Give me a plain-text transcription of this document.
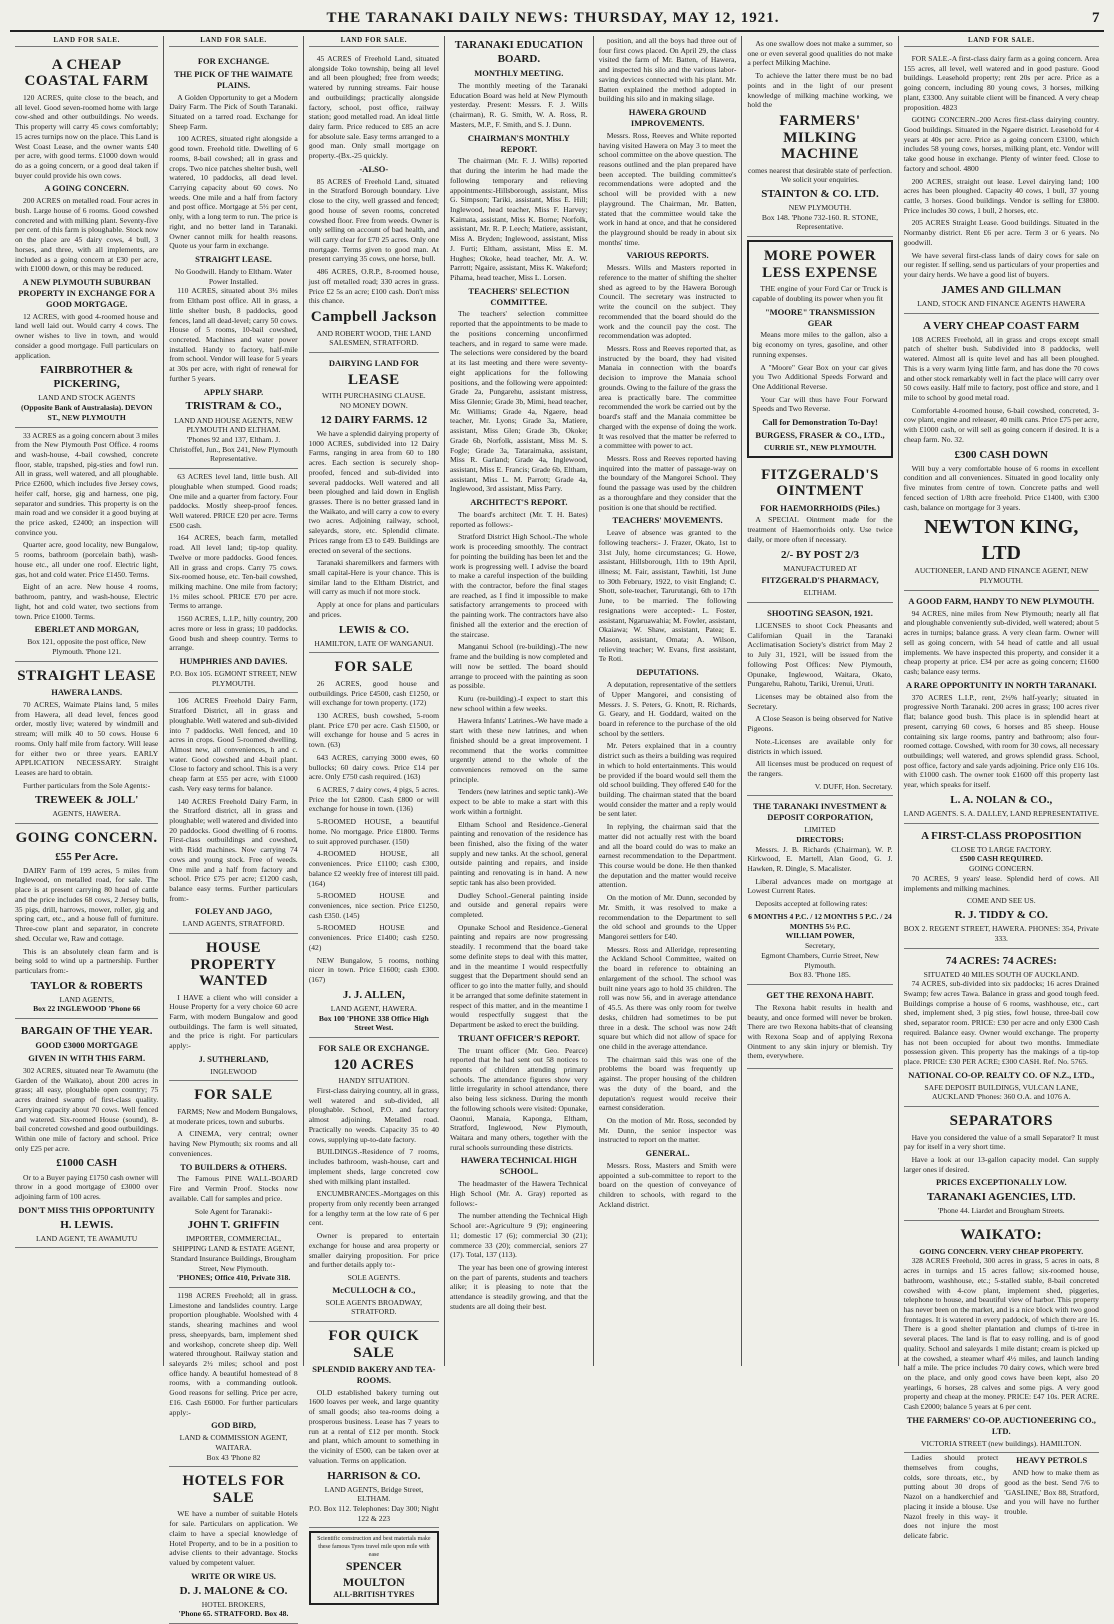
THE TARANAKI DAILY NEWS: THURSDAY, MAY 12, 1921.	7
LAND FOR SALE.
A CHEAP COASTAL FARM

120 ACRES, quite close to the beach, and all level. Good seven-roomed home with large cow-shed and other outbuildings. No weeds. This property will carry 45 cows comfortably; 15 acres turnips now on the place. This Land is West Coast Lease, and the owner wants £40 per acre, with good terms. £1000 down would do as a going concern, or a good deal taken if buyer could provide his own cows.

A GOING CONCERN.

200 ACRES on metalled road. Four acres in bush. Large house of 6 rooms. Good cowshed concreted and with milking plant. Seventy-five per cent. of this farm is ploughable. Stock now on the place are 45 dairy cows, 4 bull, 3 horses, and three, with all implements, are included as a going concern at £30 per acre, with £1000 down, or this may be reduced.

A NEW PLYMOUTH SUBURBAN PROPERTY IN EXCHANGE FOR A GOOD MORTGAGE.

12 ACRES, with good 4-roomed house and land well laid out. Would carry 4 cows. The owner wishes to live in town, and would consider a good mortgage. Full particulars on application.

FAIRBROTHER & PICKERING,
LAND AND STOCK AGENTS
(Opposite Bank of Australasia). DEVON ST., NEW PLYMOUTH

33 ACRES as a going concern about 3 miles from the New Plymouth Post Office. 4 rooms and wash-house, 4-bail cowshed, concrete floor, stable, trapshed, pig-sties and fowl run. All in grass, well watered, and all ploughable. Price £2600, which includes five Jersey cows, heifer calf, horse, gig and harness, one pig, separator and sundries. This property is on the main road and we consider it a good buying at the price asked, £2400; an inspection will convince you.

Quarter acre, good locality, new Bungalow, 5 rooms, bathroom (porcelain bath), wash-house etc., all under one roof. Electric light, gas, hot and cold water. Price £1450. Terms.

Eight of an acre. New house 4 rooms, bathroom, pantry, and wash-house, Electric light, hot and cold water, two sections from town. Price £1000. Terms.

EBERLET AND MORGAN,
Box 121, opposite the post office, New Plymouth. 'Phone 121.
STRAIGHT LEASE
HAWERA LANDS.

70 ACRES, Waimate Plains land, 5 miles from Hawera, all dead level, fences good order, mostly live; watered by windmill and stream; will milk 40 to 50 cows. House 6 rooms. Only half mile from factory. Will lease for either two or three years. EARLY APPLICATION NECESSARY. Straight Leases are hard to obtain.

Further particulars from the Sole Agents:-

TREWEEK & JOLL'
AGENTS, HAWERA.
GOING CONCERN.
£55 Per Acre.

DAIRY Farm of 199 acres, 5 miles from Inglewood, on metalled road, for sale. The place is at present carrying 80 head of cattle and the price includes 68 cows, 2 Jersey bulls, 35 pigs, drill, harrows, mower, roller, gig and spring cart, etc., and a house full of furniture. Three-cow plant and separator, in concrete shed. Occular we, Raw and cottage.

This is an absolutely clean farm and is being sold to wind up a partnership. Further particulars from:-

TAYLOR & ROBERTS
LAND AGENTS,
Box 22 INGLEWOOD 'Phone 66
BARGAIN OF THE YEAR.
GOOD £3000 MORTGAGE
GIVEN IN WITH THIS FARM.

302 ACRES, situated near Te Awamutu (the Garden of the Waikato), about 200 acres in grass; all easy, ploughable open country; 75 acres drained swamp of first-class quality. Carrying capacity about 70 cows. Well fenced and watered. Six-roomed House (sound), 8-bail concreted cowshed and good outbuildings. Within one mile of factory and school. Price only £25 per acre.

£1000 CASH

Or to a Buyer paying £1750 cash owner will throw in a good mortgage of £3000 over adjoining farm of 100 acres.

DON'T MISS THIS OPPORTUNITY
H. LEWIS.
LAND AGENT, TE AWAMUTU
LAND FOR SALE.
FOR EXCHANGE.
THE PICK OF THE WAIMATE PLAINS.

A Golden Opportunity to get a Modern Dairy Farm. The Pick of South Taranaki. Situated on a tarred road. Exchange for Sheep Farm.

100 ACRES, situated right alongside a good town. Freehold title. Dwelling of 6 rooms, 8-bail cowshed; all in grass and crops. Two nice patches shelter bush, well watered, 10 paddocks, all dead level. Carrying capacity about 60 cows. No weeds. One mile and a half from factory and post office. Mortgage at 5½ per cent, only, with a long term to run. The price is right, and no better land in Taranaki. Owner cannot milk for health reasons. Quote us your farm in exchange.

STRAIGHT LEASE.
No Goodwill. Handy to Eltham. Water Power Installed.

110 ACRES, situated about 3½ miles from Eltham post office. All in grass, a little shelter bush, 8 paddocks, good fences, land all dead-level; carry 50 cows. House of 5 rooms, 10-bail cowshed, concreted. Machines and water power installed. Handy to factory, half-mile from school. Vendor will lease for 5 years at 30s per acre, with right of renewal for further 5 years.

APPLY SHARP.
TRISTRAM & CO.,
LAND AND HOUSE AGENTS, NEW PLYMOUTH AND ELTHAM.
'Phones 92 and 137, Eltham. J. Christoffel, Jun., Box 241, New Plymouth Representative.

63 ACRES level land, little bush. All ploughable when stumped. Good roads; One mile and a quarter from factory. Four paddocks. Mostly sheep-proof fences. Well watered. PRICE £20 per acre. Terms £500 cash.

164 ACRES, beach farm, metalled road. All level land; tip-top quality. Twelve or more paddocks. Good fences. All in grass and crops. Carry 75 cows. Six-roomed house, etc. Ten-bail cowshed, milking machine. One mile from factory; 1½ miles school. PRICE £70 per acre. Terms to arrange.

1560 ACRES, L.I.P., hilly country, 200 acres more or less in grass; 10 paddocks. Good bush and sheep country. Terms to arrange.

HUMPHRIES AND DAVIES.
P.O. Box 105. EGMONT STREET, NEW PLYMOUTH.

106 ACRES Freehold Dairy Farm, Stratford District, all in grass and ploughable. Well watered and sub-divided into 7 paddocks. Well fenced, and 10 acres in crops. Good 5-roomed dwelling. Almost new, all conveniences, h and c. water. Good cowshed and 4-bail plant. Close to factory and school. This is a very cheap farm at £55 per acre, with £1000 cash. Very easy terms for balance.

140 ACRES Freehold Dairy Farm, in the Stratford district, all in grass and ploughable; well watered and divided into 20 paddocks. Good dwelling of 6 rooms. First-class outbuildings and cowshed, with Ridd machines. Now carrying 74 cows and young stock. Free of weeds. One mile and a half from factory and school. Price £75 per acre; £1200 cash, balance easy terms. Further particulars from:-

FOLEY AND JAGO,
LAND AGENTS, STRATFORD.
HOUSE PROPERTY WANTED

I HAVE a client who will consider a House Property for a very choice 60 acre Farm, with modern Bungalow and good outbuildings. The farm is well situated, and the price is right. For particulars apply:-

J. SUTHERLAND,
INGLEWOOD
FOR SALE

FARMS; New and Modern Bungalows, at moderate prices, town and suburbs.

A CINEMA, very central; owner having New Plymouth; six rooms and all conveniences.

TO BUILDERS & OTHERS.

The Famous PINE WALL-BOARD Fire and Vermin Proof. Stocks now available. Call for samples and price.

Sole Agent for Taranaki:-
JOHN T. GRIFFIN
IMPORTER, COMMERCIAL, SHIPPING LAND & ESTATE AGENT, Standard Insurance Buildings, Brougham Street, New Plymouth.
'PHONES; Office 410, Private 318.

1198 ACRES Freehold; all in grass. Limestone and landslides country. Large proportion ploughable. Woolshed with 4 stands, shearing machines and wool press, sheepyards, barn, implement shed and workshop, concrete sheep dip. Well watered throughout. Railway station and saleyards 2½ miles; school and post office handy. A beautiful homestead of 8 rooms, with a commanding outlook. Good reasons for selling. Price per acre, £16. Cash £6000. For further particulars apply:-

GOD BIRD,
LAND & COMMISSION AGENT, WAITARA.
Box 43 'Phone 82
HOTELS FOR SALE

WE have a number of suitable Hotels for sale. Particulars on application. We claim to have a special knowledge of Hotel Property, and to be in a position to advise clients to their advantage. Stocks valued by competent valuer.

WRITE OR WIRE US.
D. J. MALONE & CO.
HOTEL BROKERS,
'Phone 65. STRATFORD. Box 48.
LAND FOR SALE.

45 ACRES of Freehold Land, situated alongside Toko township, being all level and all been ploughed; free from weeds; watered by running streams. Fair house and outbuildings; practically alongside factory, school, post office, railway station; good metalled road. An ideal little dairy farm. Price reduced to £85 an acre for absolute sale. Easy terms arranged to a good man. Only small mortgage on property.-(Bx.-25 quickly.

-ALSO-

85 ACRES of Freehold Land, situated in the Stratford Borough boundary. Live close to the city, well grassed and fenced; good house of seven rooms, concreted cowshed floor. Free from weeds. Owner is only selling on account of bad health, and will carry clear for £70 25 acres. Only one mortgage. Terms given to good man. At present carrying 35 cows, one horse, bull.

486 ACRES, O.R.P., 8-roomed house, just off metalled road; 330 acres in grass. Price £2 5s an acre; £100 cash. Don't miss this chance.

Campbell Jackson
AND ROBERT WOOD, THE LAND SALESMEN, STRATFORD.
DAIRYING LAND FOR
LEASE
WITH PURCHASING CLAUSE.
NO MONEY DOWN.
12 DAIRY FARMS. 12

We have a splendid dairying property of 1000 ACRES, subdivided into 12 Dairy Farms, ranging in area from 60 to 180 acres. Each section is securely shop-proofed, fenced and sub-divided into several paddocks. Well watered and all been ploughed and laid down in English grasses. There is no better grassed land in the Waikato, and will carry a cow to every two acres. Adjoining railway, school, saleyards, store, etc. Splendid climate. Prices range from £3 to £49. Buildings are erected on several of the sections.

Taranaki sharemilkers and farmers with small capital-Here is your chance. This is similar land to the Eltham District, and will carry as much if not more stock.

Apply at once for plans and particulars and prices.

LEWIS & CO.
HAMILTON, LATE OF WANGANUI.
FOR SALE

26 ACRES, good house and outbuildings. Price £4500, cash £1250, or will exchange for town property. (172)

130 ACRES, bush cowshed, 5-room plant. Price £70 per acre. Cash £1500, or will exchange for house and 5 acres in town. (63)

643 ACRES, carrying 3000 ewes, 60 bullocks; 60 dairy cows. Price £14 per acre. Only £750 cash required. (163)

6 ACRES, 7 dairy cows, 4 pigs, 5 acres. Price the lot £2800. Cash £800 or will exchange for house in town. (136)

5-ROOMED HOUSE, a beautiful home. No mortgage. Price £1800. Terms to suit approved purchaser. (150)

4-ROOMED HOUSE, all conveniences. Price £1100; cash £300, balance £2 weekly free of interest till paid. (164)

5-ROOMED HOUSE and conveniences, nice section. Price £1250, cash £350. (145)

5-ROOMED HOUSE and conveniences. Price £1400; cash £250. (42)

NEW Bungalow, 5 rooms, nothing nicer in town. Price £1600; cash £300. (167)

J. J. ALLEN,
LAND AGENT, HAWERA.
Box 100 'PHONE 338 Office High Street West.
FOR SALE OR EXCHANGE.
120 ACRES
HANDY SITUATION.

First-class dairying country, all in grass, well watered and sub-divided, all ploughable. School, P.O. and factory almost adjoining. Metalled road. Practically no weeds. Capacity 35 to 40 cows, supplying up-to-date factory.

BUILDINGS.-Residence of 7 rooms, includes bathroom, wash-house, cart and implement sheds, large concreted cow shed with milking plant installed.

ENCUMBRANCES.-Mortgages on this property from only recently been arranged for a lengthy term at the low rate of 6 per cent.

Owner is prepared to entertain exchange for house and area property or smaller dairying proposition. For price and further details apply to:-

SOLE AGENTS.
McCULLOCH & CO.,
SOLE AGENTS BROADWAY, STRATFORD.
FOR QUICK SALE
SPLENDID BAKERY AND TEA-ROOMS.

OLD established bakery turning out 1600 loaves per week, and large quantity of small goods; also tea-rooms doing a prosperous business. Lease has 7 years to run at a rental of £12 per month. Stock and plant, which amount to something in the vicinity of £500, can be taken over at valuation. Terms on application.

HARRISON & CO.
LAND AGENTS, Bridge Street, ELTHAM.
P.O. Box 112. Telephones: Day 300; Night 122 & 223
Scientific construction and best materials make these famous Tyres travel mile upon mile with ease
SPENCER MOULTON
ALL-BRITISH TYRES
TARANAKI EDUCATION BOARD.
MONTHLY MEETING.

The monthly meeting of the Taranaki Education Board was held at New Plymouth yesterday. Present: Messrs. F. J. Wills (chairman), R. G. Smith, W. A. Ross, R. Masters, M.P., F. Smith, and S. J. Dunn.

CHAIRMAN'S MONTHLY REPORT.

The chairman (Mr. F. J. Wills) reported that during the interim he had made the following temporary and relieving appointments:-Hillsborough, assistant, Miss G. Simpson; Tariki, assistant, Miss E. Hill; Inglewood, head teacher, Miss F. Harvey; Kaimata, assistant, Miss K. Borne; Norfolk, assistant, Mr. R. P. Leech; Matiere, assistant, Miss A. Bryden; Inglewood, assistant, Miss J. Furti; Eltham, assistant, Miss E. M. Hughes; Okoke, head teacher, Mr. A. W. Parrott; Ngaire, assistant, Miss K. Wakeford; Pihama, head teacher, Miss L. Lorsen.

TEACHERS' SELECTION COMMITTEE.

The teachers' selection committee reported that the appointments to be made to the positions concerning unconfirmed teachers, and in regard to same were made. The selections were considered by the board at its last meeting and there were seventy-eight applications for the following positions, and the following were appointed: Grade 2a, Pungarehu, assistant mistress, Miss Glennie; Grade 3b, Mimi, head teacher, Mr. Williams; Grade 4a, Ngaere, head teacher, Mr. Lyons; Grade 3a, Matiere, assistant, Miss Glen; Grade 3b, Okoke; Grade 6b, Norfolk, assistant, Miss M. S. Fogle; Grade 3a, Tataraimaka, assistant, Miss R. Garland; Grade 4a, Inglewood, assistant, Miss E. Francis; Grade 6b, Eltham, assistant, Miss L. M. Parrott; Grade 4a, Inglewood, 3rd assistant, Miss Parry.

ARCHITECT'S REPORT.

The board's architect (Mr. T. H. Bates) reported as follows:-

Stratford District High School.-The whole work is proceeding smoothly. The contract for pointing the building has been let and the work is progressing well. I advise the board to make a careful inspection of the building with the contractor, before the final stages are reached, as I find it impossible to make satisfactory arrangements to proceed with the painting work. The contractors have also finished all the exterior and the erection of the staircase.

Manganui School (re-building).-The new frame and the building is now completed and will now be settled. The board should arrange to proceed with the painting as soon as possible.

Kuru (re-building).-I expect to start this new school within a few weeks.

Hawera Infants' Latrines.-We have made a start with these new latrines, and when finished should be a great improvement. I recommend that the works committee urgently attend to the whole of the conveniences removed on the same principle.

Tenders (new latrines and septic tank).-We expect to be able to make a start with this work within a fortnight.

Eltham School and Residence.-General painting and renovation of the residence has been finished, also the fixing of the water supply and new tanks. At the school, general outside painting and repairs, and inside painting and renovating is in hand. A new septic tank has also been provided.

Dudley School.-General painting inside and outside and general repairs were completed.

Opunake School and Residence.-General painting and repairs are now progressing steadily. I recommend that the board take some definite steps to deal with this matter, and in the meantime I would respectfully suggest that the Department should send an officer to go into the matter fully, and should it be arranged that some definite statement in respect of this matter, and in the meantime I would respectfully suggest that the Department be asked to erect the building.

TRUANT OFFICER'S REPORT.

The truant officer (Mr. Geo. Pearce) reported that he had sent out 58 notices to parents of children attending primary schools. The attendance figures show very little irregularity in school attendance, there also being less sickness. During the month the following schools were visited: Opunake, Oaonui, Manaia, Kaponga, Eltham, Stratford, Inglewood, New Plymouth, Waitara and many others, together with the rural schools surrounding these districts.

HAWERA TECHNICAL HIGH SCHOOL.

The headmaster of the Hawera Technical High School (Mr. A. Gray) reported as follows:-

The number attending the Technical High School are:-Agriculture 9 (9); engineering 11; domestic 17 (6); commercial 30 (21); commerce 33 (20); commercial, seniors 27 (17). Total, 137 (113).

The year has been one of growing interest on the part of parents, students and teachers alike; it is pleasing to note that the attendance is steadily growing, and that the students are all doing their best.

position, and all the boys had three out of four first cows placed. On April 29, the class visited the farm of Mr. Batten, of Hawera, and inspected his silo and the various labor-saving devices connected with his plant. Mr. Batten explained the method adopted in building his silo and in making silage.

HAWERA GROUND IMPROVEMENTS.

Messrs. Ross, Reeves and White reported having visited Hawera on May 3 to meet the school committee on the above question. The reasons outlined and the plan prepared have been accepted. The building committee's recommendations were adopted and the school will be provided with a new playground. The Chairman, Mr. Batten, stated that the committee would take the work in hand at once, and that he considered the playground should be ready in about six months' time.

VARIOUS REPORTS.

Messrs. Wills and Masters reported in reference to the matter of shifting the shelter shed as agreed to by the Hawera Borough Council. The secretary was instructed to write the council on the subject. They recommended that the board should do the work and the council pay the cost. The recommendation was adopted.

Messrs. Ross and Reeves reported that, as instructed by the board, they had visited Manaia in connection with the board's decision to improve the Manaia school grounds. Owing to the failure of the grass the area is practically bare. The committee recommended the work be carried out by the board's staff and the Manaia committee be charged with the expense of doing the work. It was resolved that the matter be referred to a committee with power to act.

Messrs. Ross and Reeves reported having inquired into the matter of passage-way on the boundary of the Mangorei School. They found the passage was used by the children as a thoroughfare and they consider that the position is one that should be rectified.

TEACHERS' MOVEMENTS.

Leave of absence was granted to the following teachers:- J. Frazer, Okato, 1st to 31st July, home circumstances; G. Howe, assistant, Hillsborough, 11th to 19th April, illness; M. Fair, assistant, Tawhiti, 1st June to 30th February, 1922, to visit England; C. Shott, sole-teacher, Tarurutangi, 6th to 17th June, to be married. The following resignations were accepted:- L. Foster, assistant, Ngaruawahia; M. Fowler, assistant, Okaiawa; W. Shaw, assistant, Patea; E. Mason, assistant, Omata; A. Wilson, relieving teacher; W. Evans, first assistant, Te Roti.

DEPUTATIONS.

A deputation, representative of the settlers of Upper Mangorei, and consisting of Messrs. J. S. Peters, G. Knott, R. Richards, G. Geary, and H. Goddard, waited on the board in reference to the purchase of the old school by the settlers.

Mr. Peters explained that in a country district such as theirs a building was required in which to hold entertainments. This would be provided if the board would sell them the old school building. They offered £40 for the building. The chairman stated that the board would consider the matter and a reply would be sent later.

In replying, the chairman said that the matter did not actually rest with the board and all the board could do was to make an earnest recommendation to the Department. This course would be done. He then thanked the deputation and the matter would receive attention.

On the motion of Mr. Dunn, seconded by Mr. Smith, it was resolved to make a recommendation to the Department to sell the old school and grounds to the Upper Mangorei settlers for £40.

Messrs. Ross and Alleridge, representing the Ackland School Committee, waited on the board in reference to obtaining an enlargement of the school. The school was built nine years ago to hold 35 children. The roll was now 56, and in average attendance of 45.5. As there was only room for twelve desks, children had sometimes to be put three in a desk. The school was now 24ft square but which did not allow of space for one child in the average attendance.

The chairman said this was one of the problems the board was frequently up against. The proper housing of the children was the duty of the board, and the deputation's request would receive their earnest consideration.

On the motion of Mr. Ross, seconded by Mr. Dunn, the senior inspector was instructed to report on the matter.

GENERAL.

Messrs. Ross, Masters and Smith were appointed a sub-committee to report to the board on the question of conveyance of children to schools, with regard to the Ackland district.

As one swallow does not make a summer, so one or even several good qualities do not make a perfect Milking Machine.

To achieve the latter there must be no bad points and in the light of our present knowledge of milking machine working, we hold the

FARMERS' MILKING MACHINE
comes nearest that desirable state of perfection.
We solicit your enquiries.
STAINTON & CO. LTD.
NEW PLYMOUTH.
Box 148. 'Phone 732-160. R. STONE, Representative.
MORE POWER LESS EXPENSE

THE engine of your Ford Car or Truck is capable of doubling its power when you fit

"MOORE" TRANSMISSION GEAR

Means more miles to the gallon, also a big economy on tyres, gasoline, and other running expenses.

A "Moore" Gear Box on your car gives you Two Additional Speeds Forward and One Additional Reverse.

Your Car will thus have Four Forward Speeds and Two Reverse.

Call for Demonstration To-Day!
BURGESS, FRASER & CO., LTD.,
CURRIE ST., NEW PLYMOUTH.
FITZGERALD'S OINTMENT
FOR HAEMORRHOIDS (Piles.)

A SPECIAL Ointment made for the treatment of Haemorrhoids only. Use twice daily, or more often if necessary.

2/- BY POST 2/3
MANUFACTURED AT
FITZGERALD'S PHARMACY,
ELTHAM.
SHOOTING SEASON, 1921.

LICENSES to shoot Cock Pheasants and Californian Quail in the Taranaki Acclimatisation Society's district from May 2 to July 31, 1921, will be issued from the following Post Offices: New Plymouth, Opunake, Inglewood, Waitara, Okato, Pungarehu, Rahotu, Tariki, Urenui, Uruti.

Licenses may be obtained also from the Secretary.

A Close Season is being observed for Native Pigeons.

Note.-Licenses are available only for districts in which issued.

All licenses must be produced on request of the rangers.

V. DUFF, Hon. Secretary.
THE TARANAKI INVESTMENT & DEPOSIT CORPORATION,
LIMITED
DIRECTORS:

Messrs. J. B. Richards (Chairman), W. P. Kirkwood, E. Martell, Alan Good, G. J. Hawken, R. Dingle, S. Macalister.

Liberal advances made on mortgage at Lowest Current Rates.

Deposits accepted at following rates:

6 MONTHS 4 P.C. / 12 MONTHS 5 P.C. / 24 MONTHS 5½ P.C.
WILLIAM POWER,
Secretary,
Egmont Chambers, Currie Street, New Plymouth.
Box 83. 'Phone 185.
GET THE REXONA HABIT.

The Rexona habit results in health and beauty, and once formed will never be broken. There are two Rexona habits-that of cleansing with Rexona Soap and of applying Rexona Ointment to any skin injury or blemish. Try them, everywhere.

LAND FOR SALE.

FOR SALE.-A first-class dairy farm as a going concern. Area 155 acres, all level, well watered and in good pasture. Good buildings. Leasehold property; rent 20s per acre. Price as a going concern, including 80 young cows, 3 horses, milking plant, £3300. Any suitable client will be financed. A very cheap proposition. 4823

GOING CONCERN.-200 Acres first-class dairying country. Good buildings. Situated in the Ngaere district. Leasehold for 4 years at 40s per acre. Price as a going concern £3100, which includes 58 young cows, horses, milking plant, etc. Vendor will take good house in exchange. Plenty of winter feed. Close to factory and school. 4800

200 ACRES, straight out lease. Level dairying land; 100 acres has been ploughed. Capacity 40 cows, 1 bull, 37 young cattle, 3 horses. Good buildings. Vendor is selling for £3800. Price includes 30 cows, 1 bull, 2 horses, etc.

205 ACRES Straight Lease. Good buildings. Situated in the Normanby district. Rent £6 per acre. Term 3 or 6 years. No goodwill.

We have several first-class lands of dairy cows for sale on our register. If selling, send us particulars of your properties and your dairy herds. We have a good list of buyers.

JAMES AND GILLMAN
LAND, STOCK AND FINANCE AGENTS HAWERA
A VERY CHEAP COAST FARM

108 ACRES Freehold, all in grass and crops except small patch of shelter bush. Subdivided into 8 paddocks, well watered. Almost all is quite level and has all been ploughed. This is a very warm lying little farm, and has done the 70 cows and other stock remarkably well in fact the place will carry over 50 cows easily. Half mile to factory, post office and store, and 1 mile to school by good metal road.

Comfortable 4-roomed house, 6-bail cowshed, concreted, 3-cow plant, engine and releaser, 40 milk cans. Price £75 per acre, with £1000 cash, or will sell as going concern if desired. It is a cheap farm. No. 32.

£300 CASH DOWN

Will buy a very comfortable house of 6 rooms in excellent condition and all conveniences. Situated in good locality only five minutes from centre of town. Concrete paths and well fenced section of 1/8th acre freehold. Price £1400, with £300 cash, balance on mortgage for 3 years.

NEWTON KING, LTD
AUCTIONEER, LAND AND FINANCE AGENT, NEW PLYMOUTH.
A GOOD FARM, HANDY TO NEW PLYMOUTH.

94 ACRES, nine miles from New Plymouth; nearly all flat and ploughable conveniently sub-divided, well watered; about 5 acres in turnips; balance grass. A very clean farm. Owner will sell as going concern, with 54 head of cattle and all usual implements. We have inspected this property, and consider it a cheap property at price. £34 per acre as going concern; £1600 cash; balance easy terms.

A RARE OPPORTUNITY IN NORTH TARANAKI.

370 ACRES L.I.P., rent, 2½% half-yearly; situated in progressive North Taranaki. 200 acres in grass; 100 acres river flat; balance good bush. This place is in splendid heart at present, carrying 60 cows, 6 horses and 85 sheep. House containing six large rooms, pantry and bathroom; also four-roomed cottage. Cowshed, with room for 30 cows, all necessary outbuildings; well watered, and grows splendid grass. School, post office, factory and sale yards adjoining. Price only £16 10s. with £1000 cash. The owner took £1600 off this property last year, which speaks for itself.

L. A. NOLAN & CO.,
LAND AGENTS. S. A. DALLEY, LAND REPRESENTATIVE.
A FIRST-CLASS PROPOSITION
CLOSE TO LARGE FACTORY.
£500 CASH REQUIRED.
GOING CONCERN.

70 ACRES, 9 years' lease. Splendid herd of cows. All implements and milking machines.

COME AND SEE US.
R. J. TIDDY & CO.
BOX 2. REGENT STREET, HAWERA. PHONES: 354, Private 333.
74 ACRES: 74 ACRES:
SITUATED 40 MILES SOUTH OF AUCKLAND.

74 ACRES, sub-divided into six paddocks; 16 acres Drained Swamp; few acres Tawa. Balance in grass and good tough feed. Buildings comprise a house of 6 rooms, washhouse, etc., cart shed, implement shed, 3 pig sties, fowl house, three-bail cow shed, separator room. PRICE: £30 per acre and only £300 Cash required. Balance easy. Owner would exchange. The property has not been occupied for about two months. Immediate possession given. This property has the makings of a tip-top place. PRICE: £30 PER ACRE; £300 CASH. Ref. No. 5765.

NATIONAL CO-OP. REALTY CO. OF N.Z., LTD.,
SAFE DEPOSIT BUILDINGS, VULCAN LANE, AUCKLAND 'Phones: 360 O.A. and 1076 A.
SEPARATORS

Have you considered the value of a small Separator? It must pay for itself in a very short time.

Have a look at our 13-gallon capacity model. Can supply larger ones if desired.

PRICES EXCEPTIONALLY LOW.
TARANAKI AGENCIES, LTD.
'Phone 44. Liardet and Brougham Streets.
WAIKATO:
GOING CONCERN. VERY CHEAP PROPERTY.

328 ACRES Freehold, 300 acres in grass, 5 acres in oats, 8 acres in turnips and 15 acres fallow; six-roomed house, bathroom, washhouse, etc.; 5-stalled stable, 8-bail concreted cowshed with 4-cow plant, implement shed, piggeries, telephone to house, and beautiful view of harbor. This property has never been on the market, and is a nice block with two good frontages. It is watered in every paddock, of which there are 16. There is a good shelter plantation and clumps of ti-tree in several places. The land is flat to easy rolling, and is of good quality. School and saleyards 1 mile distant; cream is picked up at the cowshed, a steamer wharf 4½ miles, and launch landing half a mile. The price includes 70 dairy cows, which were bred on the place, and only good cows have been kept, also 20 yearlings, 6 horses, 28 calves and some pigs. A very good property and cheap at the money. PRICE: £47 10s. PER ACRE. Cash £2000; balance 5 years at 6 per cent.

THE FARMERS' CO-OP. AUCTIONEERING CO., LTD.
VICTORIA STREET (new buildings). HAMILTON.

Ladies should protect themselves from coughs, colds, sore throats, etc., by putting about 30 drops of Nazol on a handkerchief and placing it inside a blouse. Use Nazol freely in this way- it does not injure the most delicate fabric.

HEAVY PETROLS

AND how to make them as good as the best. Send 7/6 to 'GASLINE,' Box 88, Stratford, and you will have no further trouble.
